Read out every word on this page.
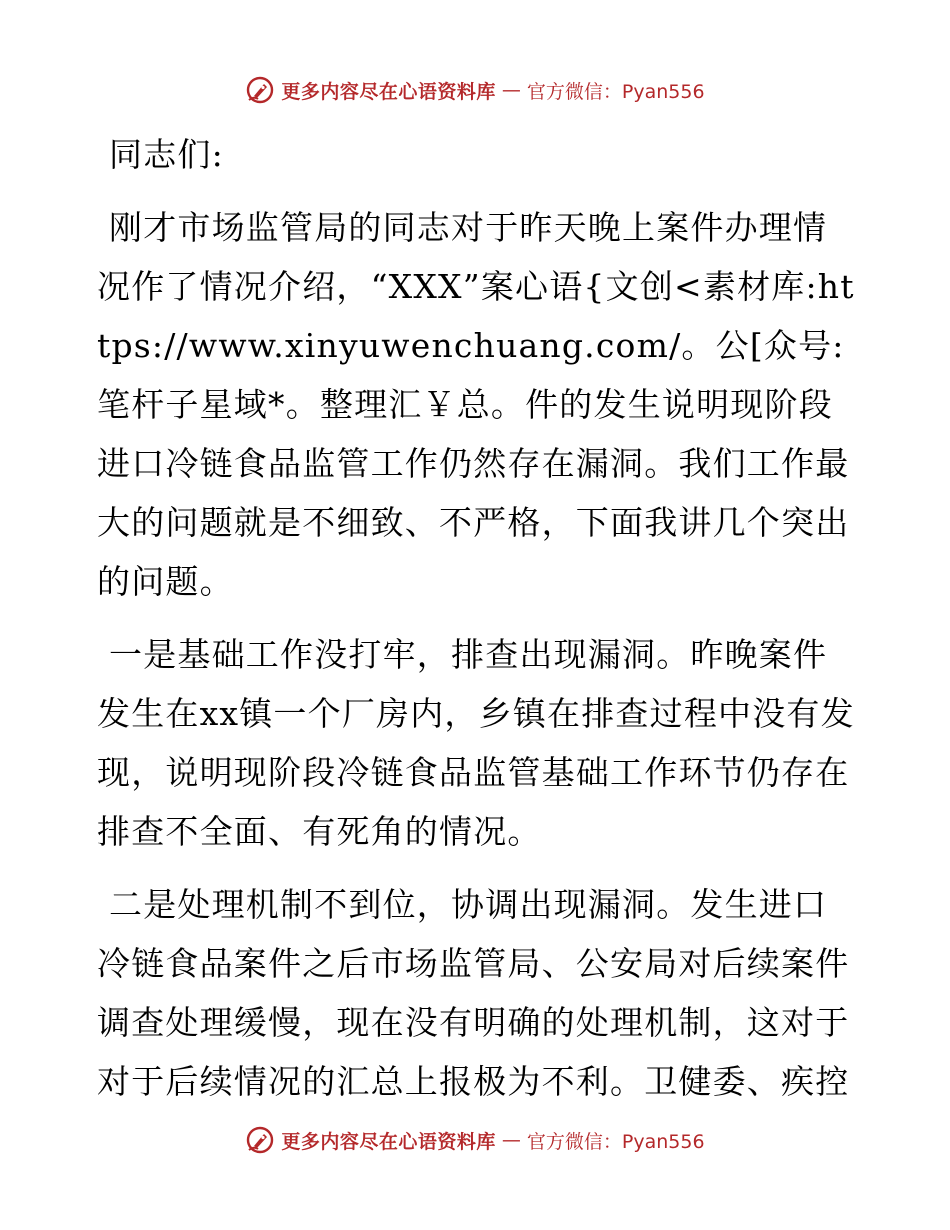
更多内容尽在心语资料库 — 官方微信：Pyan556

同志们:

刚才市场监管局的同志对于昨天晚上案件办理情况作了情况介绍，“XXX”案心语{文创<素材库:https://www.xinyuwenchuang.com/。公[众号: 笔杆子星域*。整理汇￥总。件的发生说明现阶段进口冷链食品监管工作仍然存在漏洞。我们工作最大的问题就是不细致、不严格，下面我讲几个突出的问题。

一是基础工作没打牢，排查出现漏洞。昨晚案件发生在xx镇一个厂房内，乡镇在排查过程中没有发现，说明现阶段冷链食品监管基础工作环节仍存在排查不全面、有死角的情况。

二是处理机制不到位，协调出现漏洞。发生进口冷链食品案件之后市场监管局、公安局对后续案件调查处理缓慢，现在没有明确的处理机制，这对于对于后续情况的汇总上报极为不利。卫健委、疾控

更多内容尽在心语资料库 — 官方微信：Pyan556
